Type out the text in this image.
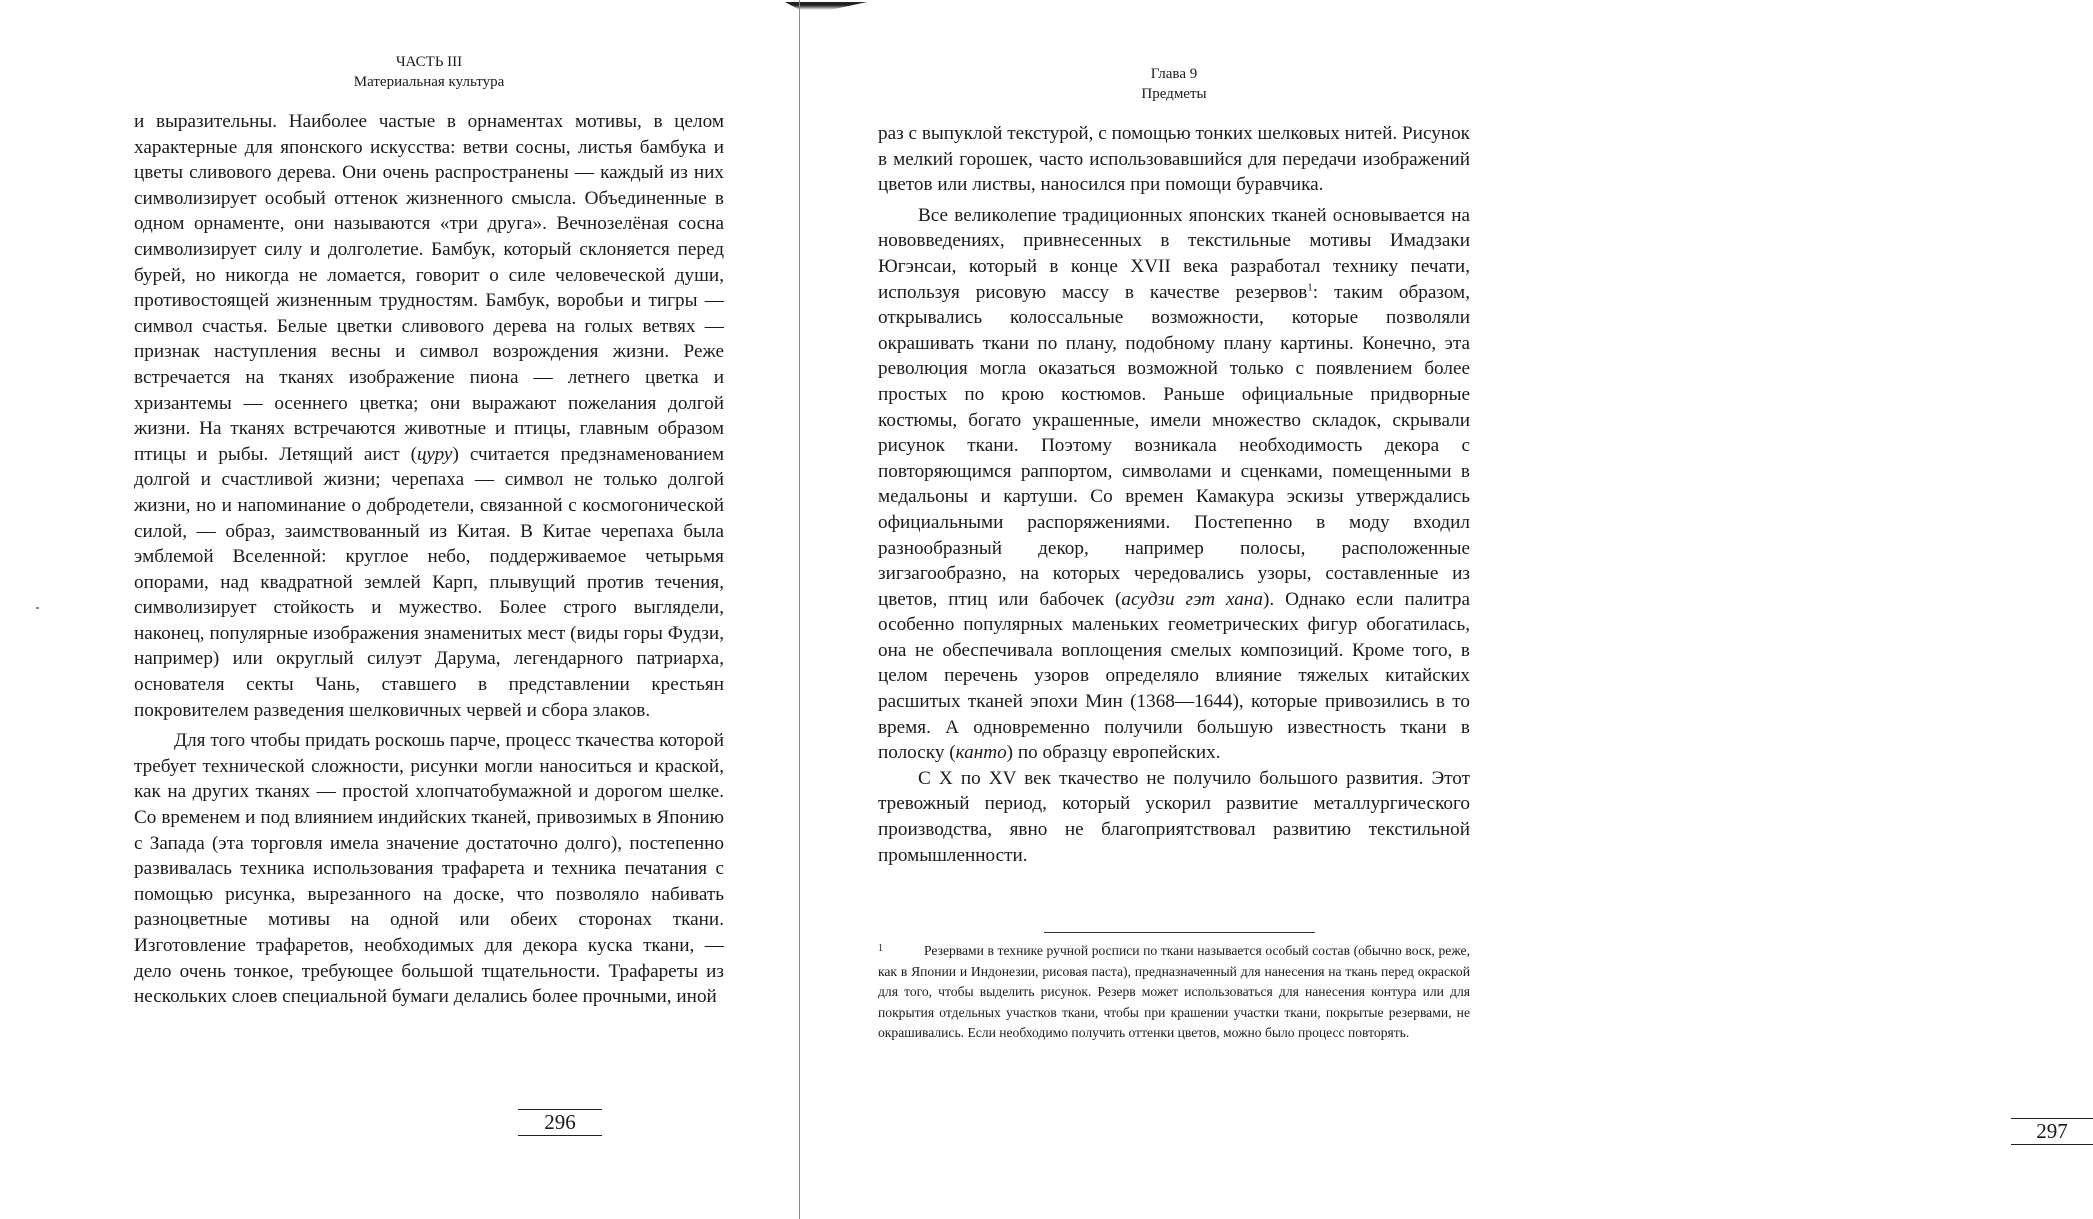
ЧАСТЬ III
Материальная культура

и выразительны. Наиболее частые в орнаментах мотивы, в целом характерные для японского искусства: ветви сосны, листья бамбука и цветы сливового дерева. Они очень распространены — каждый из них символизирует особый оттенок жизненного смысла. Объединенные в одном орнаменте, они называются «три друга». Вечнозелёная сосна символизирует силу и долголетие. Бамбук, который склоняется перед бурей, но никогда не ломается, говорит о силе человеческой души, противостоящей жизненным трудностям. Бамбук, воробьи и тигры — символ счастья. Белые цветки сливового дерева на голых ветвях — признак наступления весны и символ возрождения жизни. Реже встречается на тканях изображение пиона — летнего цветка и хризантемы — осеннего цветка; они выражают пожелания долгой жизни. На тканях встречаются животные и птицы, главным образом птицы и рыбы. Летящий аист (цуру) считается предзнаменованием долгой и счастливой жизни; черепаха — символ не только долгой жизни, но и напоминание о добродетели, связанной с космогонической силой, — образ, заимствованный из Китая. В Китае черепаха была эмблемой Вселенной: круглое небо, поддерживаемое четырьмя опорами, над квадратной землей Карп, плывущий против течения, символизирует стойкость и мужество. Более строго выглядели, наконец, популярные изображения знаменитых мест (виды горы Фудзи, например) или округлый силуэт Дарума, легендарного патриарха, основателя секты Чань, ставшего в представлении крестьян покровителем разведения шелковичных червей и сбора злаков.

Для того чтобы придать роскошь парче, процесс ткачества которой требует технической сложности, рисунки могли наноситься и краской, как на других тканях — простой хлопчатобумажной и дорогом шелке. Со временем и под влиянием индийских тканей, привозимых в Японию с Запада (эта торговля имела значение достаточно долго), постепенно развивалась техника использования трафарета и техника печатания с помощью рисунка, вырезанного на доске, что позволяло набивать разноцветные мотивы на одной или обеих сторонах ткани. Изготовление трафаретов, необходимых для декора куска ткани, — дело очень тонкое, требующее большой тщательности. Трафареты из нескольких слоев специальной бумаги делались более прочными, иной

296
Глава 9
Предметы

раз с выпуклой текстурой, с помощью тонких шелковых нитей. Рисунок в мелкий горошек, часто использовавшийся для передачи изображений цветов или листвы, наносился при помощи буравчика.

Все великолепие традиционных японских тканей основывается на нововведениях, привнесенных в текстильные мотивы Имадзаки Югэнсаи, который в конце XVII века разработал технику печати, используя рисовую массу в качестве резервов$^1$: таким образом, открывались колоссальные возможности, которые позволяли окрашивать ткани по плану, подобному плану картины. Конечно, эта революция могла оказаться возможной только с появлением более простых по крою костюмов. Раньше официальные придворные костюмы, богато украшенные, имели множество складок, скрывали рисунок ткани. Поэтому возникала необходимость декора с повторяющимся раппортом, символами и сценками, помещенными в медальоны и картуши. Со времен Камакура эскизы утверждались официальными распоряжениями. Постепенно в моду входил разнообразный декор, например полосы, расположенные зигзагообразно, на которых чередовались узоры, составленные из цветов, птиц или бабочек (асудзи гэт хана). Однако если палитра особенно популярных маленьких геометрических фигур обогатилась, она не обеспечивала воплощения смелых композиций. Кроме того, в целом перечень узоров определяло влияние тяжелых китайских расшитых тканей эпохи Мин (1368—1644), которые привозились в то время. А одновременно получили большую известность ткани в полоску (канто) по образцу европейских.

С X по XV век ткачество не получило большого развития. Этот тревожный период, который ускорил развитие металлургического производства, явно не благоприятствовал развитию текстильной промышленности.

1	Резервами в технике ручной росписи по ткани называется особый состав (обычно воск, реже, как в Японии и Индонезии, рисовая паста), предназначенный для нанесения на ткань перед окраской для того, чтобы выделить рисунок. Резерв может использоваться для нанесения контура или для покрытия отдельных участков ткани, чтобы при крашении участки ткани, покрытые резервами, не окрашивались. Если необходимо получить оттенки цветов, можно было процесс повторять.
297
